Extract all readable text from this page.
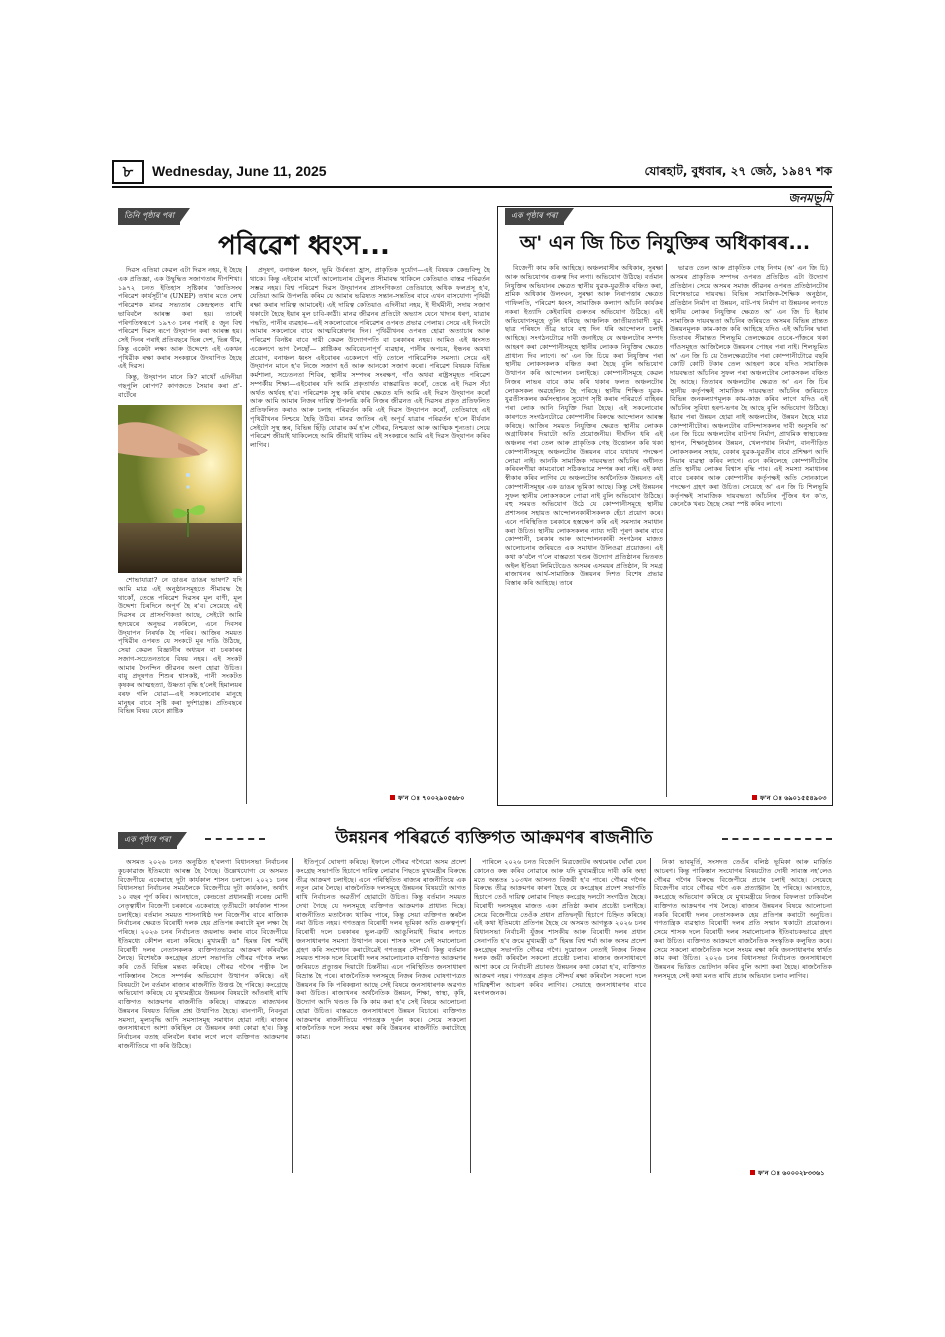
৮	Wednesday, June 11, 2025	যোৰহাট, বুধবাৰ, ২৭ জেঠ, ১৯৪৭ শক
জনমভূমি
তিনি পৃষ্ঠাৰ পৰা
পৰিৱেশ ধ্বংস...

দিৱস এতিয়া কেৱল এটা দিৱস নহয়, ই হৈছে এক প্ৰতিজ্ঞা, এক উদ্বুদ্ধিত সজাগতাৰ দীপশিখা। ১৯৭২ চনত ইতিহাস সৃষ্টিকাৰ ‘জাতিসংঘ পৰিৱেশ কাৰ্যসূচী’ৰ (UNEP) তথাৰ মতে লেখ পৰিৱেশক মানৱ সভ্যতাৰ কেন্দ্ৰস্থলত ৰাখি ভাবিবলৈ আৰম্ভ কৰা হয়। তাৰেই পৰিণতিস্বৰূপে ১৯৭৩ চনৰ পৰাই ৫ জুন বিশ্ব পৰিৱেশ দিৱস ৰূপে উদ্‌যাপন কৰা আৰম্ভ হয়। সেই দিনৰ পৰাই প্ৰতিবছৰে ভিন্ন দেশ, ভিন্ন থীম, কিন্তু একেটা লক্ষ্য আৰু উদ্দেশ্যে এই একখন পৃথিৱীক ৰক্ষা কৰাৰ সংকল্পৰে উদযাপিত হৈছে এই দিৱস।

কিন্তু, উদ্‌যাপন মানে কি? মাথোঁ এদিনীয়া গছপুলি ৰোপণ? কাগজতে সৈয়াৰ কৰা প্ৰ'-বাৰ্টেৰে

শোভাযাত্ৰা? নে ডাঙৰ ডাঙৰ ভাষণ? যদি আমি মাত্ৰ এই অনুষ্ঠানসমূহতে সীমাবদ্ধ হৈ থাকোঁ, তেন্তে পৰিৱেশ দিৱসৰ মূল বাণী, মূল উদ্দেশ্য চিৰদিনে অপূৰ্ণ হৈ ৰ'ব। সেয়েহে এই দিৱসৰ যে প্ৰাসংগিকতা আছে, সেইটো আমি হৃদয়েৰে অনুভৱ নকৰিলে, এনে দিবসৰ উদ্‌যাপন নিৰৰ্থক হৈ পৰিব। আজিৰ সময়ত পৃথিৱীৰ ওপৰত যে সংকটে মূৰ দাঙি উঠিছে, সেয়া কেৱল বিজ্ঞানীৰ অধ্যয়ন বা চৰকাৰৰ সজাগ-সচেতনতাৰে বিষয় নহয়। এই সংকট আমাৰ দৈনন্দিন জীৱনৰ অংগ হোৱা উচিত। বায়ু প্ৰদূষণত শিশুৰ শ্বাসকষ্ট, পানী সংকটত কৃষকৰ আত্মহত্যা, উষ্ণতা বৃদ্ধি হ'লেই হিমালয়ৰ বৰফ গলি যোৱা—এই সকলোবোৰ মানুহে মানুহৰ বাবে সৃষ্টি কৰা দুৰ্দশাগ্ৰস্ত। প্ৰতিবছৰে বিভিন্ন বিষয় যেনে প্লাষ্টিক

প্ৰদূষণ, বনাঞ্চল ধ্বংস, ভূমি উৰ্বৰতা হ্ৰাস, প্ৰাকৃতিক দুৰ্যোগ—এই বিষয়ক কেন্দ্ৰবিন্দু হৈ থাকে। কিন্তু এইবোৰ মাথোঁ আলোচনাৰ টেবুলত সীমাবদ্ধ থাকিলে কেতিয়াও বাস্তৱ পৰিৱৰ্তন সম্ভৱ নহয়। বিশ্ব পৰিৱেশ দিৱস উদ্‌যাপনৰ প্ৰাসংগিকতা তেতিয়াহে অধিক ফলপ্ৰসূ হ'ব, যেতিয়া আমি উপলব্ধি কৰিম যে আমাৰ ভৱিষ্যত সন্তান-সন্ততিৰ বাবে এখন বাসযোগ্য পৃথিৱী ৰক্ষা কৰাৰ দায়িত্ব আমাৰেই। এই দায়িত্ব কেতিয়াও এদিনীয়া নহয়, ই দীৰ্ঘমীনী, সদায় সজাগ থকাটো হৈছে ইয়াৰ মূল চাবি-কাঠী। মানৱ জীৱনৰ প্ৰতিটো অভ্যাস যেনে খাদ্যৰ ধৰণ, যাত্ৰাৰ পদ্ধতি, পানীৰ ব্যৱহাৰ—এই সকলোবোৰে পৰিৱেশৰ ওপৰত প্ৰভাৱ পেলায়। সেয়ে এই দিনটো আমাৰ সকলোৰে বাবে আত্মবিশ্লেষণৰ দিন। পৃথিৱীখনৰ ওপৰত হোৱা অত্যাচাৰ আৰু পৰিৱেশ বিনষ্টৰ বাবে দায়ী কেৱল উদ্যোগপতি বা চৰকাৰৰ নহয়। আমিও এই ধ্বংসত একেলগে ভাগ লৈছোঁ— প্লাষ্টিকৰ অবিবেচনাপূৰ্ণ ব্যৱহাৰ, পানীৰ অপচয়, ইন্ধনৰ অযথা প্ৰয়োগ, বনাঞ্চল ধ্বংস এইবোৰৰ একেলগে গঢ়ি তোলে পাৰিৱেশিক সমস্যা। সেয়ে এই উদ্‌যাপন মানে হ'ব নিজে সজাগ হওঁ আৰু আনকো সজাগ কৰো। পৰিৱেশ বিষয়ক বিভিন্ন কৰ্মশালা, সচেতনতা শিবিৰ, স্থানীয় সম্পদৰ সংৰক্ষণ, গাঁও অথবা ৰাষ্ট্ৰসমূহত পৰিৱেশ সম্পৰ্কীয় শিক্ষা—এইবোৰৰ যদি আমি প্ৰকৃতাৰ্থত বাস্তৱায়িত কৰোঁ, তেন্তে এই দিৱস সঁচা অৰ্থত অৰ্থবহ হ'ব। পৰিৱেশক সুস্থ কৰি ৰখাৰ ক্ষেত্ৰত যদি আমি এই দিৱস উদ্‌যাপন কৰোঁ আৰু আমি আমাৰ নিজৰ দায়িত্ব উপলব্ধি কৰি নিজৰ জীৱনত এই দিৱসৰ প্ৰকৃত প্ৰতিফলিত প্ৰতিফলিত কৰাও আৰু চলাহ পৰিৱৰ্তন কৰি এই দিৱস উদ্‌যাপন কৰোঁ, তেতিয়াহে এই পৃথিৱীখনৰ নিশ্চয়ে হৈছি উঠিব। মানৱ জাতিৰ এই অপূৰ্ব যাত্ৰাৰ পৰিৱৰ্তন হ'লে বীৰ্যবান সেইটো সুস্থ স্তৰ, বিভিন্ন ছিঁড়ি যোৱাৰ কৰ্ম হ'ল গৌৰৱ, নিশ্চয়তা আৰু আত্মিক শূন্যতা। সেয়ে পৰিৱেশ জীয়াই থাকিলেহে আমি জীয়াই থাকিম এই সংকল্পৰে আমি এই দিৱস উদ্‌যাপন কৰিব লাগিব।

ফ'ন ঃ ৭০০২৯০৫৬৮০
এক পৃষ্ঠাৰ পৰা
অ' এন জি চিত নিযুক্তিৰ অধিকাৰৰ...

বিজেপী কাম কৰি আহিছে। অঞ্চলবাসীৰ অধিকাৰ, সুৰক্ষা আৰু অভিযোগৰ গুৰুত্ব দিব লগা। অভিযোগ উঠিছে। বৰ্তমান নিযুক্তিৰ অভিযানৰ ক্ষেত্ৰত স্থানীয় যুৱক-যুৱতীক বঞ্চিত কৰা, শ্ৰমিক অধিকাৰ উলংঘন, সুৰক্ষা আৰু নিৰাপত্তাৰ ক্ষেত্ৰত গাফিলতি, পৰিৱেশ ধ্বংস, সামাজিক কল্যাণ আঁচনি কাৰ্যকৰ নকৰা ইত্যাদি কেইবাবিধ গুৰুতৰ অভিযোগ উঠিছে। এই অভিযোগসমূহে তুলি ধৰিছে আঞ্চলিক জাতীয়তাবাদী যুৱ-ছাত্ৰ পৰিষদে তীব্ৰ ভাবে বহু দিন ধৰি আন্দোলন চলাই আহিছে। সংগঠনটোৱে দাবী জনাইছে যে অঞ্চলটোৰ সম্পদ আহৰণ কৰা কোম্পানীসমূহে স্থানীয় লোকক নিযুক্তিৰ ক্ষেত্ৰত প্ৰাধান্য দিব লাগে। অ' এন জি চিয়ে কৰা নিযুক্তিৰ পৰা স্থানীয় লোকসকলক বঞ্চিত কৰা হৈছে বুলি অভিযোগ উত্থাপন কৰি আন্দোলন চলাইছে। কোম্পানীসমূহে কেৱল নিজৰ লাভৰ বাবে কাম কৰি থকাৰ ফলত অঞ্চলটোৰ লোকসকল অৱহেলিত হৈ পৰিছে। স্থানীয় শিক্ষিত যুৱক-যুৱতীসকলৰ কৰ্মসংস্থানৰ সুযোগ সৃষ্টি কৰাৰ পৰিৱৰ্তে বাহিৰৰ পৰা লোক আনি নিযুক্তি দিয়া হৈছে। এই সকলোবোৰ কাৰণতে সংগঠনটোৱে কোম্পানীৰ বিৰুদ্ধে আন্দোলন আৰম্ভ কৰিছে। আজিৰ সময়ত নিযুক্তিৰ ক্ষেত্ৰত স্থানীয় লোকক অগ্ৰাধিকাৰ দিয়াটো অতি প্ৰয়োজনীয়। দীৰ্ঘদিন ধৰি এই অঞ্চলৰ পৰা তেল আৰু প্ৰাকৃতিক গেছ উত্তোলন কৰি থকা কোম্পানীসমূহে অঞ্চলটোৰ উন্নয়নৰ বাবে যথাযথ পদক্ষেপ লোৱা নাই। আনকি সামাজিক দায়বদ্ধতা আঁচনিৰ অধীনত কৰিবলগীয়া কামবোৰো সঠিকভাৱে সম্পন্ন কৰা নাই। এই কথা স্বীকাৰ কৰিব লাগিব যে অঞ্চলটোৰ অৰ্থনৈতিক উন্নয়নত এই কোম্পানীসমূহৰ এক ডাঙৰ ভূমিকা আছে। কিন্তু সেই উন্নয়নৰ সুফল স্থানীয় লোকসকলে পোৱা নাই বুলি অভিযোগ উঠিছে। বহু সময়ত অভিযোগ উঠে যে কোম্পানীসমূহে স্থানীয় প্ৰশাসনৰ সহায়ত আন্দোলনকাৰীসকলক হেঁচা প্ৰয়োগ কৰে। এনে পৰিস্থিতিত চৰকাৰে হস্তক্ষেপ কৰি এই সমস্যাৰ সমাধান কৰা উচিত। স্থানীয় লোকসকলৰ ন্যায্য দাবী পূৰণ কৰাৰ বাবে কোম্পানী, চৰকাৰ আৰু আন্দোলনকাৰী সংগঠনৰ মাজত আলোচনাৰ জৰিয়তে এক সমাধান উলিওৱা প্ৰয়োজন। এই কথা ক'বলৈ গ'লে বাস্তৱতা খণ্ডৰ উদ্যোগ প্ৰতিষ্ঠানৰ ভিতৰত অইল ইণ্ডিয়া লিমিটেডেও অসমৰ এসময়ৰ প্ৰতিষ্ঠান, যি সমগ্ৰ ৰাজ্যখনৰ আৰ্থ-সামাজিক উন্নয়নৰ দিশত বিশেষ প্ৰভাৱ বিস্তাৰ কৰি আহিছে। তাৰে

ভাৱত তেল আৰু প্ৰাকৃতিক গেছ নিগম (অ' এন জি চি) অসমৰ প্ৰাকৃতিক সম্পদৰ ওপৰত প্ৰতিষ্ঠিত এটা উদ্যোগ প্ৰতিষ্ঠান। সেয়ে অসমৰ সমাজ জীৱনৰ ওপৰত প্ৰতিষ্ঠানটোৰ বিশেষভাৱে দায়বদ্ধ। বিভিন্ন সামাজিক-শৈক্ষিক অনুষ্ঠান, প্ৰতিষ্ঠান নিৰ্মাণ বা উন্নয়ন, বাট-পথ নিৰ্মাণ বা উন্নয়নৰ লগতে স্থানীয় লোকৰ নিযুক্তিৰ ক্ষেত্ৰত অ' এন জি চি ইয়াৰ সামাজিক দায়বদ্ধতা আঁচনিৰ জৰিয়তে অসমৰ বিভিন্ন প্ৰান্তত উন্নয়নমূলক কাম-কাজ কৰি আহিছে যদিও এই আঁচনিৰ দ্বাৰা তিতাবৰ সীমান্তত শিলভূমি তেলক্ষেত্ৰৰ ওচৰে-পাঁজৰে থকা গাঁওসমূহত আজিলৈকে উন্নয়নৰ পোহৰ পৰা নাই। শিলভূমিত অ' এন জি চি য়ে তৈলক্ষেত্ৰটোৰ পৰা কোম্পানীটোৱে বছৰি কোটি কোটি টকাৰ তেল আহৰণ কৰে যদিও সামাজিক দায়বদ্ধতা আঁচনিৰ সুফল পৰা অঞ্চলটোৰ লোকসকল বঞ্চিত হৈ আছে। তিতাবৰ অঞ্চলটোৰ ক্ষেত্ৰত অ' এন জি চিৰ স্থানীয় কৰ্তৃপক্ষই সামাজিক দায়বদ্ধতা আঁচনিৰ জৰিয়তে বিভিন্ন জনকল্যাণমূলক কাম-কাজ কৰিব লাগে যদিও এই আঁচনিৰ সুবিধা হৰণ-ভগৰ হৈ আছে বুলি অভিযোগ উঠিছে। ইয়াৰ পৰা উন্নয়ন হোৱা নাই অঞ্চলটোৰ, উন্নয়ন হৈছে মাত্ৰ কোম্পানীটোৰ। অঞ্চলটোৰ বাসিন্দাসকলৰ দাবী অনুসৰি অ' এন জি চিয়ে অঞ্চলটোৰ বাটপথ নিৰ্মাণ, প্ৰাথমিক স্বাস্থ্যকেন্দ্ৰ স্থাপন, শিক্ষানুষ্ঠানৰ উন্নয়ন, খেলপথাৰ নিৰ্মাণ, বানপীড়িত লোকসকলৰ সহায়, বেকাৰ যুৱক-যুৱতীৰ বাবে প্ৰশিক্ষণ আদি দিয়াৰ ব্যৱস্থা কৰিব লাগে। এনে কৰিলেহে কোম্পানীটোৰ প্ৰতি স্থানীয় লোকৰ বিশ্বাস বৃদ্ধি পাব। এই সমস্যা সমাধানৰ বাবে চৰকাৰ আৰু কোম্পানীৰ কৰ্তৃপক্ষই অতি সোনকালে পদক্ষেপ গ্ৰহণ কৰা উচিত। সেয়েহে অ' এন জি চি শিলভূমি কৰ্তৃপক্ষই সামাজিক দায়বদ্ধতা আঁচনিৰ পুঁজিৰ ধন ক'ত, কেনেকৈ খৰচ হৈছে সেয়া স্পষ্ট কৰিব লাগে।

ফ'ন ঃ ৬৯০১৫৫৪৯০৩
এক পৃষ্ঠাৰ পৰা	উন্নয়নৰ পৰিৱৰ্তে ব্যক্তিগত আক্ৰমণৰ ৰাজনীতি

অসমত ২০২৬ চনত অনুষ্ঠিত হ'বলগা বিধানসভা নিৰ্বাচনৰ কুচকাৱাজ ইতিমধ্যে আৰম্ভ হৈ গৈছে। উল্লেখযোগ্য যে অসমত বিজেপীয়ে একেৰাহে দুটা কাৰ্যকাল শাসন চলালে। ২০২১ চনৰ বিধানসভা নিৰ্বাচনৰ সময়লৈকে বিজেপীয়ে দুটা কাৰ্যকাল, অৰ্থাৎ ১০ বছৰ পূৰ্ণ কৰিব। আনহাতে, কেন্দ্ৰতো প্ৰধানমন্ত্ৰী নৰেন্দ্ৰ মোদী নেতৃত্বাধীন বিজেপী চৰকাৰে একেৰাহে তৃতীয়টো কাৰ্যকাল শাসন চলাইছে। বৰ্তমান সময়ত শাসনাধিষ্ঠ দল বিজেপীৰ বাবে ৰাজ্যিক নিৰ্বাচনৰ ক্ষেত্ৰত বিৰোধী দলক হেয় প্ৰতিপন্ন কৰাটো মূল লক্ষ্য হৈ পৰিছে। ২০২৬ চনৰ নিৰ্বাচনত জয়লাভ কৰাৰ বাবে বিজেপীয়ে ইতিমধ্যে কৌশল ৰচনা কৰিছে। মুখ্যমন্ত্ৰী ড° হিমন্ত বিশ্ব শৰ্মাই বিৰোধী দলৰ নেতাসকলক ব্যক্তিগতভাৱে আক্ৰমণ কৰিবলৈ লৈছে। বিশেষকৈ কংগ্ৰেছৰ প্ৰদেশ সভাপতি গৌৰৱ গগৈক লক্ষ্য কৰি তেওঁ বিভিন্ন মন্তব্য কৰিছে। গৌৰৱ গগৈৰ পত্নীক লৈ পাকিস্তানৰ সৈতে সম্পৰ্কৰ অভিযোগ উত্থাপন কৰিছে। এই বিষয়টো লৈ বৰ্তমান ৰাজ্যৰ ৰাজনীতি উত্তপ্ত হৈ পৰিছে। কংগ্ৰেছে অভিযোগ কৰিছে যে মুখ্যমন্ত্ৰীয়ে উন্নয়নৰ বিষয়টো আঁতৰাই ৰাখি ব্যক্তিগত আক্ৰমণৰ ৰাজনীতি কৰিছে। বাস্তৱতে ৰাজ্যখনৰ উন্নয়নৰ বিষয়ত বিভিন্ন প্ৰশ্ন উত্থাপিত হৈছে। বানপানী, নিবনুৱা সমস্যা, মূল্যবৃদ্ধি আদি সমস্যাসমূহ সমাধান হোৱা নাই। ৰাজ্যৰ জনসাধাৰণে আশা কৰিছিল যে উন্নয়নৰ কথা কোৱা হ'ব। কিন্তু নিৰ্বাচনৰ বতাহ বলিবলৈ ধৰাৰ লগে লগে ব্যক্তিগত আক্ৰমণৰ ৰাজনীতিয়ে গা কৰি উঠিছে।

ইতিপূৰ্বে ঘোষণা কৰিছে। ইফালে গৌৰৱ গগৈয়ো অসম প্ৰদেশ কংগ্ৰেছ সভাপতি হিচাপে দায়িত্ব লোৱাৰ পিছতে মুখ্যমন্ত্ৰীৰ বিৰুদ্ধে তীব্ৰ আক্ৰমণ চলাইছে। এনে পৰিস্থিতিত ৰাজ্যৰ ৰাজনীতিয়ে এক নতুন মোৰ লৈছে। ৰাজনৈতিক দলসমূহে উন্নয়নৰ বিষয়টো আগত ৰাখি নিৰ্বাচনত অৱতীৰ্ণ হোৱাটো উচিত। কিন্তু বৰ্তমান সময়ত দেখা গৈছে যে দলসমূহে ব্যক্তিগত আক্ৰমণক প্ৰাধান্য দিছে। ৰাজনীতিত মতানৈক্য থাকিব পাৰে, কিন্তু সেয়া ব্যক্তিগত স্তৰলৈ নমা উচিত নহয়। গণতন্ত্ৰত বিৰোধী দলৰ ভূমিকা অতি গুৰুত্বপূৰ্ণ। বিৰোধী দলে চৰকাৰৰ ভুল-ত্ৰুটি আঙুলিয়াই দিয়াৰ লগতে জনসাধাৰণৰ সমস্যা উত্থাপন কৰে। শাসক দলে সেই সমালোচনা গ্ৰহণ কৰি সংশোধন কৰাটোৱেই গণতন্ত্ৰৰ সৌন্দৰ্য। কিন্তু বৰ্তমান সময়ত শাসক দলে বিৰোধী দলৰ সমালোচনাক ব্যক্তিগত আক্ৰমণৰ জৰিয়তে প্ৰত্যুত্তৰ দিয়াটো চিন্তনীয়। এনে পৰিস্থিতিত জনসাধাৰণ বিভ্ৰান্ত হৈ পৰে। ৰাজনৈতিক দলসমূহে নিজৰ নিজৰ ঘোষণাপত্ৰত উন্নয়নৰ কি কি পৰিকল্পনা আছে সেই বিষয়ে জনসাধাৰণক অৱগত কৰা উচিত। ৰাজ্যখনৰ অৰ্থনৈতিক উন্নয়ন, শিক্ষা, স্বাস্থ্য, কৃষি, উদ্যোগ আদি খণ্ডত কি কি কাম কৰা হ'ব সেই বিষয়ে আলোচনা হোৱা উচিত। বাস্তৱতে জনসাধাৰণে উন্নয়ন বিচাৰে। ব্যক্তিগত আক্ৰমণৰ ৰাজনীতিয়ে গণতন্ত্ৰক দুৰ্বল কৰে। সেয়ে সকলো ৰাজনৈতিক দলে সংযম ৰক্ষা কৰি উন্নয়নৰ ৰাজনীতি কৰাটোহে কাম্য।

পাৰিলে ২০২৬ চনত বিজেপি মিত্ৰজোটৰ অশ্বমেধৰ ঘোঁৰা যেন কোনেও কন্ধ কৰিব নোৱাৰে আৰু যদি মুখ্যমন্ত্ৰীয়ে দাবী কৰি অহা মতে অন্ততঃ ১০৩খন আসনত বিজয়ী হ'ব পাৰে। গৌৰৱ গগৈৰ বিৰুদ্ধে তীব্ৰ আক্ৰমণৰ কাৰণ হৈছে যে কংগ্ৰেছৰ প্ৰদেশ সভাপতি হিচাপে তেওঁ দায়িত্ব লোৱাৰ পিছত কংগ্ৰেছ দলটো সংগঠিত হৈছে। বিৰোধী দলসমূহৰ মাজত এক্য প্ৰতিষ্ঠা কৰাৰ প্ৰচেষ্টা চলাইছে। সেয়ে বিজেপীয়ে তেওঁক প্ৰধান প্ৰতিদ্বন্দ্বী হিচাপে চিহ্নিত কৰিছে। এই কথা ইতিমধ্যে প্ৰতিপন্ন হৈছে যে অসমত আগন্তুক ২০২৬ চনৰ বিধানসভা নিৰ্বাচনী যুঁজৰ শাসকীয় আৰু বিৰোধী দলৰ প্ৰধান সেনাপতি হ'ব ক্ৰমে মুখ্যমন্ত্ৰী ড° হিমন্ত বিশ্ব শৰ্মা আৰু অসম প্ৰদেশ কংগ্ৰেছৰ সভাপতি গৌৰৱ গগৈ। দুয়োজন নেতাই নিজৰ নিজৰ দলক জয়ী কৰিবলৈ সকলো প্ৰচেষ্টা চলাব। ৰাজ্যৰ জনসাধাৰণে আশা কৰে যে নিৰ্বাচনী প্ৰচাৰত উন্নয়নৰ কথা কোৱা হ'ব, ব্যক্তিগত আক্ৰমণ নহয়। গণতন্ত্ৰৰ প্ৰকৃত সৌন্দৰ্য ৰক্ষা কৰিবলৈ সকলো দলে দায়িত্বশীল আচৰণ কৰিব লাগিব। সেয়াহে জনসাধাৰণৰ বাবে মংগলজনক।

নিকা ভাবমূৰ্তি, সংসদত তেওঁৰ বলিষ্ঠ ভূমিকা আৰু মাৰ্জিত আচৰণ। কিন্তু পাকিস্তান সংযোগৰ বিষয়টোত দোষী সাব্যস্ত নহ'লেও গৌৰৱ গগৈৰ বিৰুদ্ধে বিজেপীয়ে প্ৰচাৰ চলাই আছে। সেয়েহে বিজেপীৰ বাবে গৌৰৱ গগৈ এক প্ৰত্যাহ্বান হৈ পৰিছে। আনহাতে, কংগ্ৰেছে অভিযোগ কৰিছে যে মুখ্যমন্ত্ৰীয়ে নিজৰ বিফলতা ঢাকিবলৈ ব্যক্তিগত আক্ৰমণৰ পথ লৈছে। ৰাজ্যৰ উন্নয়নৰ বিষয়ে আলোচনা নকৰি বিৰোধী দলৰ নেতাসকলক হেয় প্ৰতিপন্ন কৰাটো অনুচিত। গণতান্ত্ৰিক ব্যৱস্থাত বিৰোধী দলৰ প্ৰতি সন্মান থকাটো প্ৰয়োজন। সেয়ে শাসক দলে বিৰোধী দলৰ সমালোচনাক ইতিবাচকভাৱে গ্ৰহণ কৰা উচিত। ব্যক্তিগত আক্ৰমণে ৰাজনৈতিক সংস্কৃতিক কলুষিত কৰে। সেয়ে সকলো ৰাজনৈতিক দলে সংযম ৰক্ষা কৰি জনসাধাৰণৰ স্বাৰ্থত কাম কৰা উচিত। ২০২৬ চনৰ বিধানসভা নিৰ্বাচনত জনসাধাৰণে উন্নয়নৰ ভিত্তিত ভোটদান কৰিব বুলি আশা কৰা হৈছে। ৰাজনৈতিক দলসমূহে সেই কথা মনত ৰাখি প্ৰচাৰ অভিযান চলাব লাগিব।

ফ'ন ঃ ৬০০০২৮৩৩৬১
